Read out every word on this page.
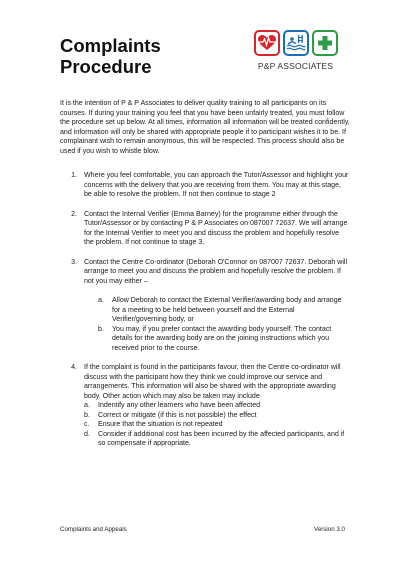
Complaints
Procedure	P&P ASSOCIATES

It is the intention of P & P Associates to deliver quality training to all participants on its courses. If during your training you feel that you have been unfairly treated, you must follow the procedure set up below. At all times, information all information will be treated confidently, and information will only be shared with appropriate people if to participant wishes it to be. If complainant wish to remain anonymous, this will be respected. This process should also be used if you wish to whistle blow.

1. Where you feel comfortable, you can approach the Tutor/Assessor and highlight your concerns with the delivery that you are receiving from them. You may at this stage, be able to resolve the problem. If not then continue to stage 2
2. Contact the Internal Verifier (Emma Barney) for the programme either through the Tutor/Assessor or by contacting P & P Associates on 087007 72637. We will arrange for the Internal Verifier to meet you and discuss the problem and hopefully resolve the problem. If not continue to stage 3.
3. Contact the Centre Co-ordinator (Deborah O'Connor on 087007 72637. Deborah will arrange to meet you and discuss the problem and hopefully resolve the problem. If not you may either –
a.	Allow Deborah to contact the External Verifier/awarding body and arrange for a meeting to be held between yourself and the External Verifier/governing body, or
b.	You may, if you prefer contact the awarding body yourself. The contact details for the awarding body are on the joining instructions which you received prior to the course.
4. If the complaint is found in the participants favour, then the Centre co-ordinator will discuss with the participant how they think we could improve our service and arrangements. This information will also be shared with the appropriate awarding body. Other action which may also be taken may include
a.	Indentify any other learners who have been affected
b.	Correct or mitigate (if this is not possible) the effect
c.	Ensure that the situation is not repeated
d.	Consider if additional cost has been incurred by the affected participants, and if so compensate if appropriate.
Complaints and Appeals	Version 3.0
